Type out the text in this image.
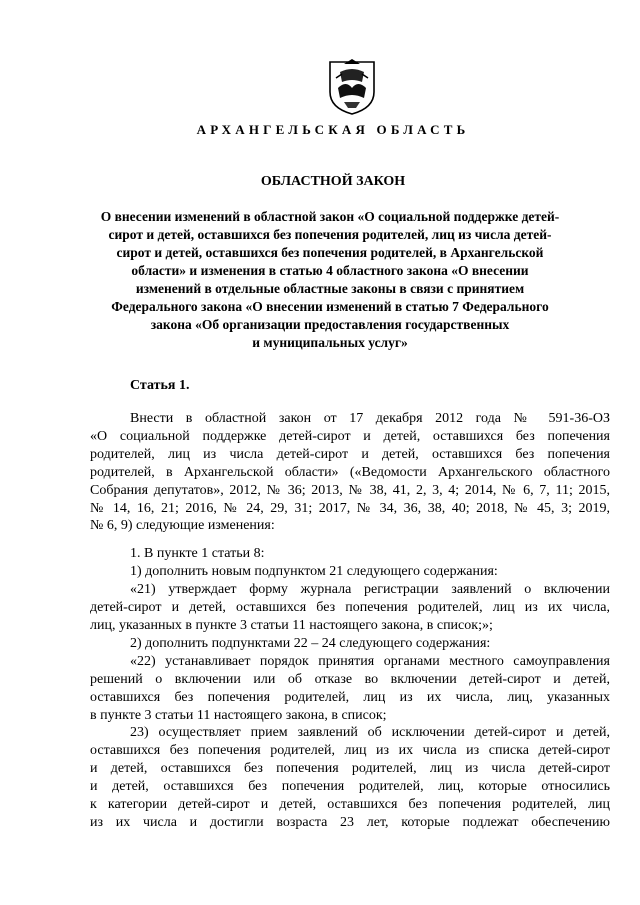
АРХАНГЕЛЬСКАЯ ОБЛАСТЬ
ОБЛАСТНОЙ ЗАКОН
О внесении изменений в областной закон «О социальной поддержке детей-
сирот и детей, оставшихся без попечения родителей, лиц из числа детей-
сирот и детей, оставшихся без попечения родителей, в Архангельской
области» и изменения в статью 4 областного закона «О внесении
изменений в отдельные областные законы в связи с принятием
Федерального закона «О внесении изменений в статью 7 Федерального
закона «Об организации предоставления государственных
и муниципальных услуг»
Статья 1.
Внести в областной закон от 17 декабря 2012 года № 591-36-ОЗ
«О социальной поддержке детей-сирот и детей, оставшихся без попечения
родителей, лиц из числа детей-сирот и детей, оставшихся без попечения
родителей, в Архангельской области» («Ведомости Архангельского областного
Собрания депутатов», 2012, № 36; 2013, № 38, 41, 2, 3, 4; 2014, № 6, 7, 11; 2015,
№ 14, 16, 21; 2016, № 24, 29, 31; 2017, № 34, 36, 38, 40; 2018, № 45, 3; 2019,
№ 6, 9) следующие изменения:
1. В пункте 1 статьи 8:
1) дополнить новым подпунктом 21 следующего содержания:
«21) утверждает форму журнала регистрации заявлений о включении
детей-сирот и детей, оставшихся без попечения родителей, лиц из их числа,
лиц, указанных в пункте 3 статьи 11 настоящего закона, в список;»;
2) дополнить подпунктами 22 – 24 следующего содержания:
«22) устанавливает порядок принятия органами местного самоуправления
решений о включении или об отказе во включении детей-сирот и детей,
оставшихся без попечения родителей, лиц из их числа, лиц, указанных
в пункте 3 статьи 11 настоящего закона, в список;
23) осуществляет прием заявлений об исключении детей-сирот и детей,
оставшихся без попечения родителей, лиц из их числа из списка детей-сирот
и детей, оставшихся без попечения родителей, лиц из числа детей-сирот
и детей, оставшихся без попечения родителей, лиц, которые относились
к категории детей-сирот и детей, оставшихся без попечения родителей, лиц
из их числа и достигли возраста 23 лет, которые подлежат обеспечению
